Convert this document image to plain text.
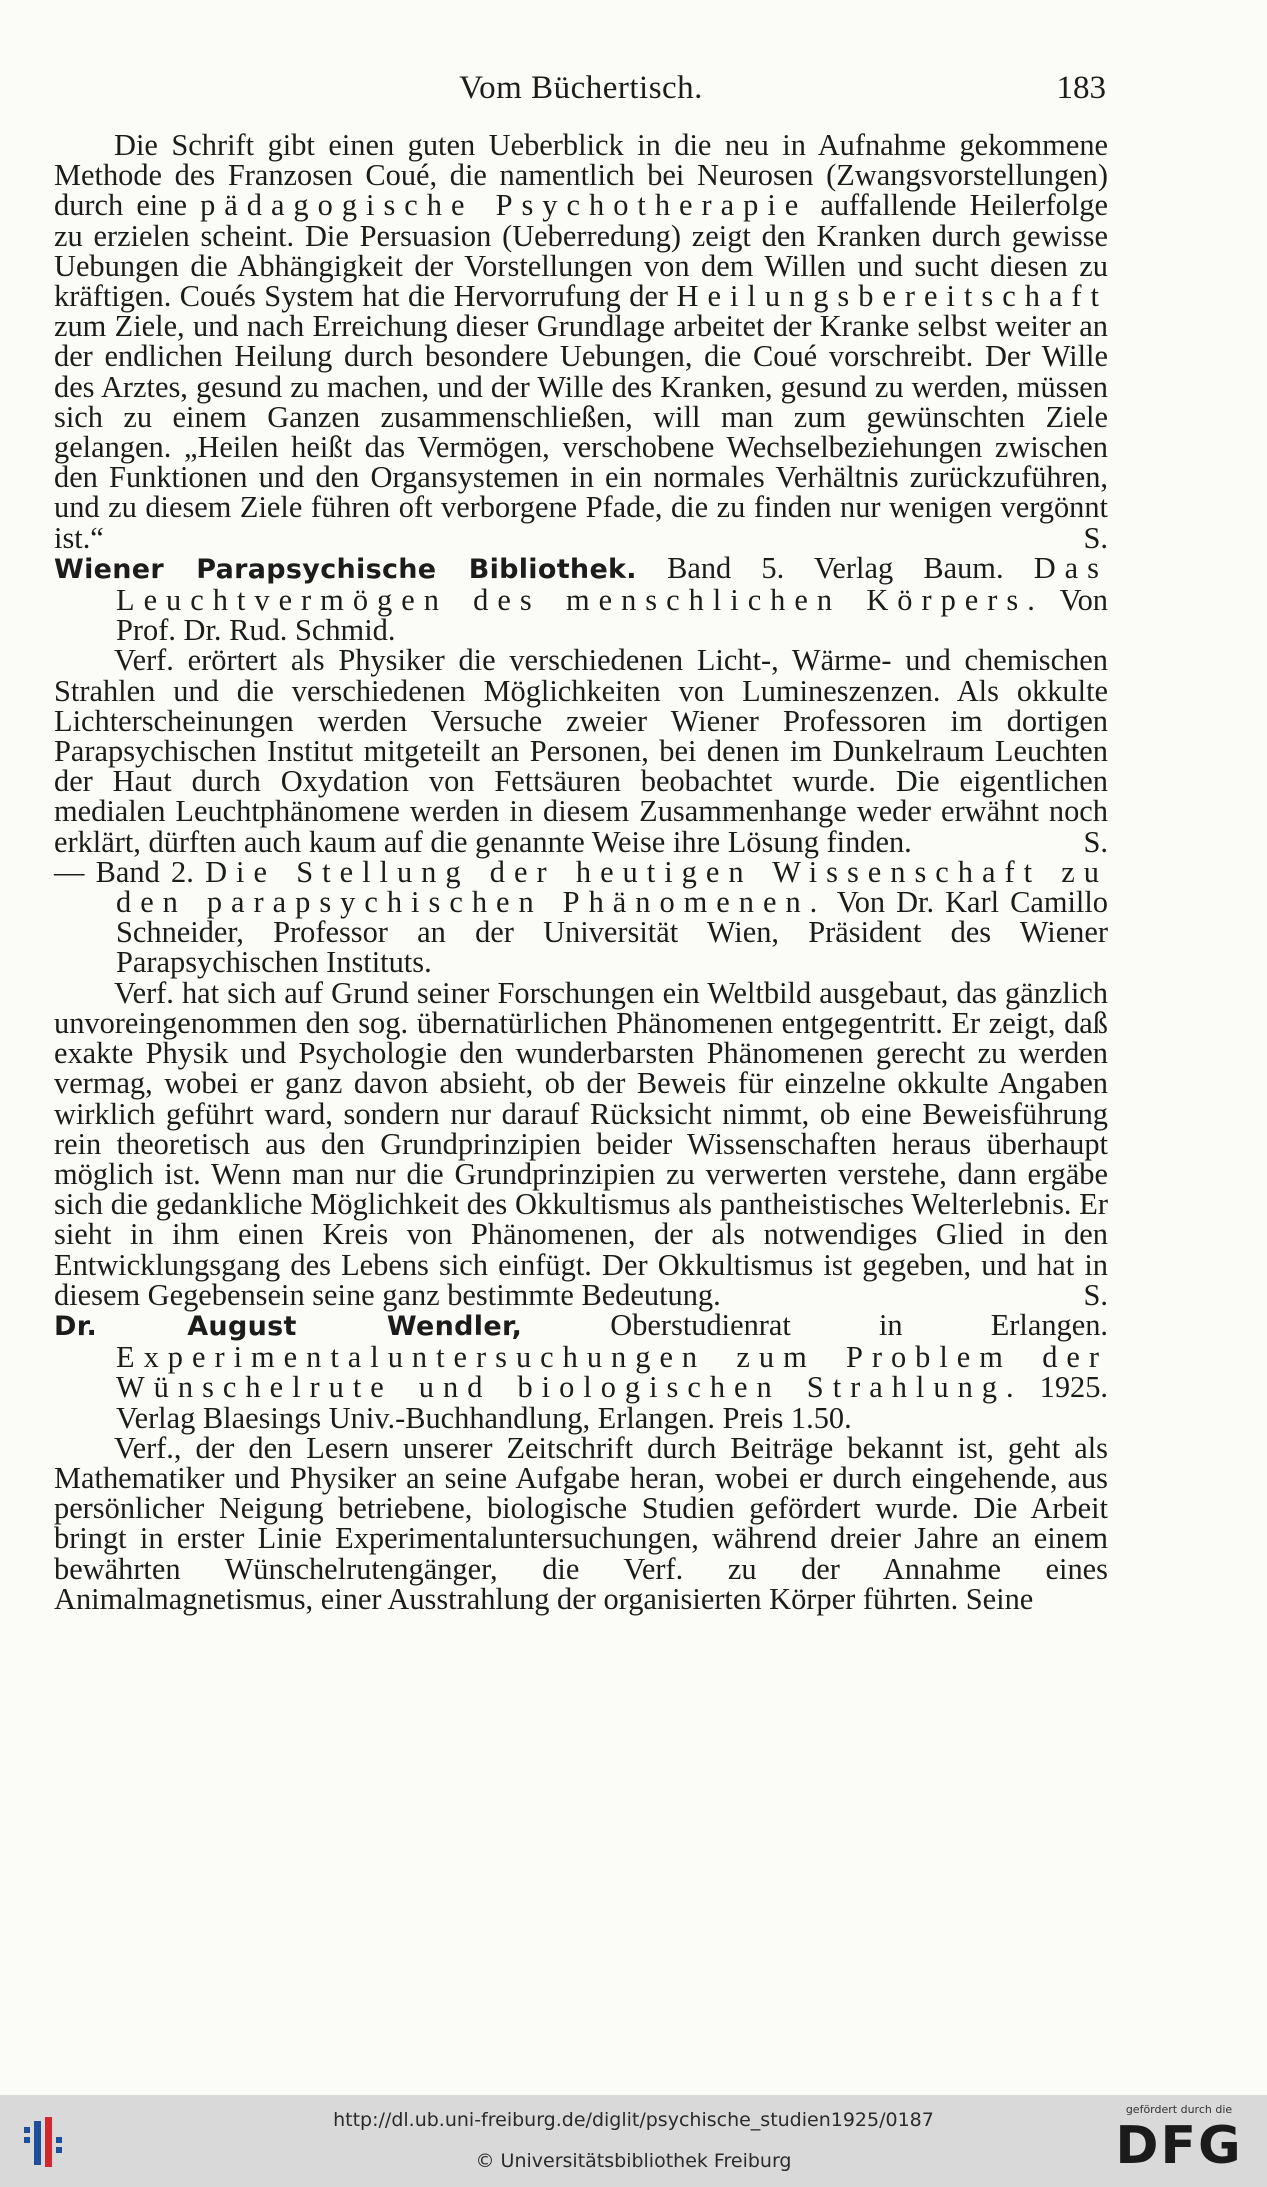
Vom Büchertisch.	183

Die Schrift gibt einen guten Ueberblick in die neu in Aufnahme gekommene Methode des Franzosen Coué, die namentlich bei Neurosen (Zwangsvorstellungen) durch eine pädagogische Psychotherapie auffallende Heilerfolge zu erzielen scheint. Die Persuasion (Ueberredung) zeigt den Kranken durch gewisse Uebungen die Abhängigkeit der Vorstellungen von dem Willen und sucht diesen zu kräftigen. Coués System hat die Hervorrufung der Heilungsbereitschaft zum Ziele, und nach Erreichung dieser Grundlage arbeitet der Kranke selbst weiter an der endlichen Heilung durch besondere Uebungen, die Coué vorschreibt. Der Wille des Arztes, gesund zu machen, und der Wille des Kranken, gesund zu werden, müssen sich zu einem Ganzen zusammenschließen, will man zum gewünschten Ziele gelangen. „Heilen heißt das Vermögen, verschobene Wechselbeziehungen zwischen den Funktionen und den Organsystemen in ein normales Verhältnis zurückzuführen, und zu diesem Ziele führen oft verborgene Pfade, die zu finden nur wenigen vergönnt ist.“	S.

Wiener Parapsychische Bibliothek. Band 5. Verlag Baum. Das Leuchtvermögen des menschlichen Körpers. Von Prof. Dr. Rud. Schmid.

Verf. erörtert als Physiker die verschiedenen Licht-, Wärme- und chemischen Strahlen und die verschiedenen Möglichkeiten von Lumineszenzen. Als okkulte Lichterscheinungen werden Versuche zweier Wiener Professoren im dortigen Parapsychischen Institut mitgeteilt an Personen, bei denen im Dunkelraum Leuchten der Haut durch Oxydation von Fettsäuren beobachtet wurde. Die eigentlichen medialen Leuchtphänomene werden in diesem Zusammenhange weder erwähnt noch erklärt, dürften auch kaum auf die genannte Weise ihre Lösung finden.	S.

— Band 2. Die Stellung der heutigen Wissenschaft zu den parapsychischen Phänomenen. Von Dr. Karl Camillo Schneider, Professor an der Universität Wien, Präsident des Wiener Parapsychischen Instituts.

Verf. hat sich auf Grund seiner Forschungen ein Weltbild ausgebaut, das gänzlich unvoreingenommen den sog. übernatürlichen Phänomenen entgegentritt. Er zeigt, daß exakte Physik und Psychologie den wunderbarsten Phänomenen gerecht zu werden vermag, wobei er ganz davon absieht, ob der Beweis für einzelne okkulte Angaben wirklich geführt ward, sondern nur darauf Rücksicht nimmt, ob eine Beweisführung rein theoretisch aus den Grundprinzipien beider Wissenschaften heraus überhaupt möglich ist. Wenn man nur die Grundprinzipien zu verwerten verstehe, dann ergäbe sich die gedankliche Möglichkeit des Okkultismus als pantheistisches Welterlebnis. Er sieht in ihm einen Kreis von Phänomenen, der als notwendiges Glied in den Entwicklungsgang des Lebens sich einfügt. Der Okkultismus ist gegeben, und hat in diesem Gegebensein seine ganz bestimmte Bedeutung.	S.

Dr. August Wendler, Oberstudienrat in Erlangen. Experimentaluntersuchungen zum Problem der Wünschelrute und biologischen Strahlung. 1925. Verlag Blaesings Univ.-Buchhandlung, Erlangen. Preis 1.50.

Verf., der den Lesern unserer Zeitschrift durch Beiträge bekannt ist, geht als Mathematiker und Physiker an seine Aufgabe heran, wobei er durch eingehende, aus persönlicher Neigung betriebene, biologische Studien gefördert wurde. Die Arbeit bringt in erster Linie Experimentaluntersuchungen, während dreier Jahre an einem bewährten Wünschelrutengänger, die Verf. zu der Annahme eines Animalmagnetismus, einer Ausstrahlung der organisierten Körper führten. Seine

http://dl.ub.uni-freiburg.de/diglit/psychische_studien1925/0187
© Universitätsbibliothek Freiburg
gefördert durch die
DFG
